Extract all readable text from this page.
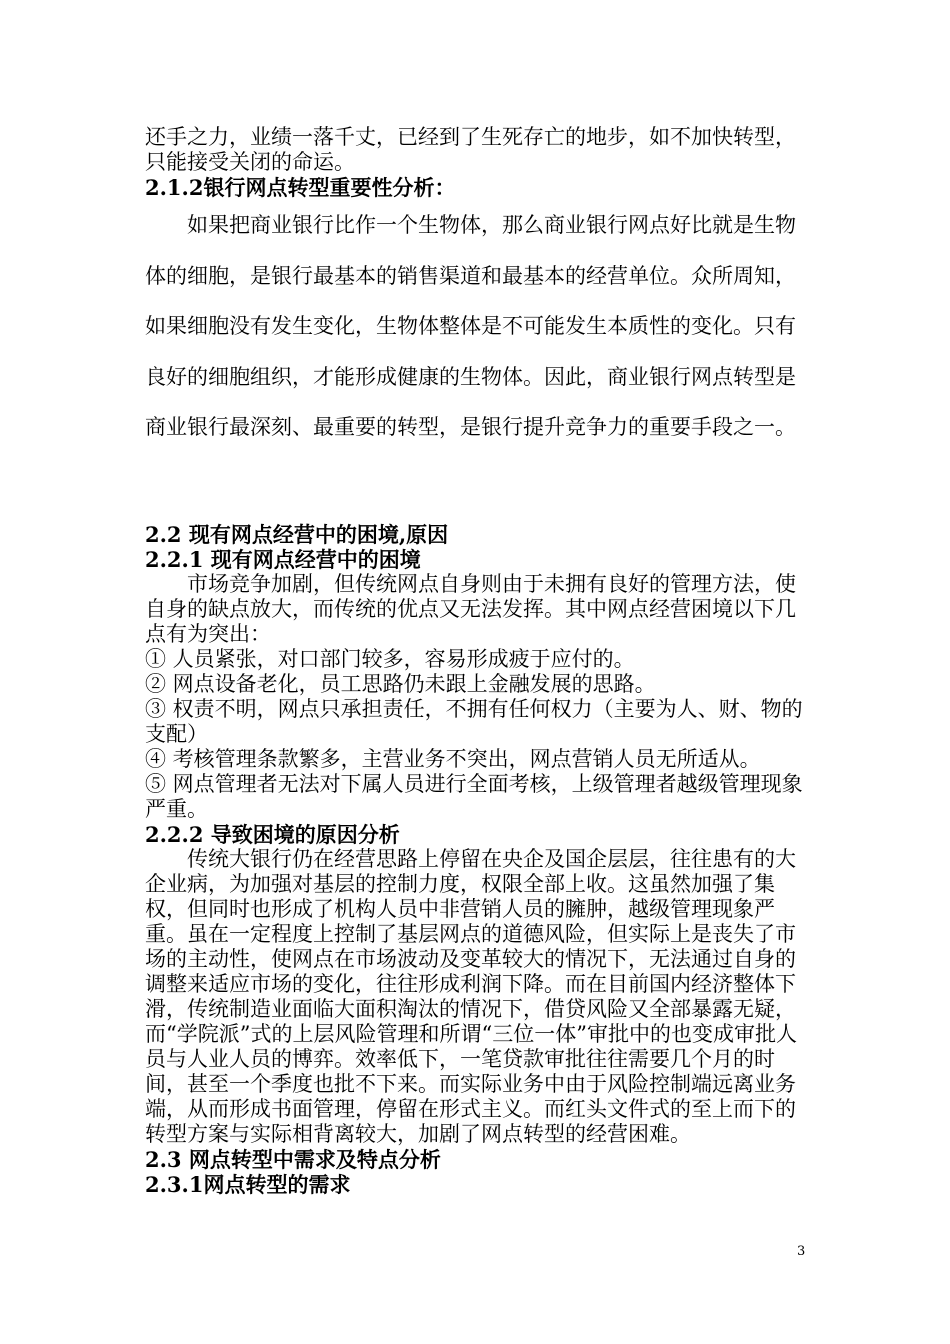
还手之力，业绩一落千丈，已经到了生死存亡的地步，如不加快转型，只能接受关闭的命运。

2.1.2银行网点转型重要性分析：

如果把商业银行比作一个生物体，那么商业银行网点好比就是生物体的细胞，是银行最基本的销售渠道和最基本的经营单位。众所周知，如果细胞没有发生变化，生物体整体是不可能发生本质性的变化。只有良好的细胞组织，才能形成健康的生物体。因此，商业银行网点转型是商业银行最深刻、最重要的转型，是银行提升竞争力的重要手段之一。

2.2 现有网点经营中的困境,原因

2.2.1 现有网点经营中的困境

市场竞争加剧，但传统网点自身则由于未拥有良好的管理方法，使自身的缺点放大，而传统的优点又无法发挥。其中网点经营困境以下几点有为突出：

① 人员紧张，对口部门较多，容易形成疲于应付的。

② 网点设备老化，员工思路仍未跟上金融发展的思路。

③ 权责不明，网点只承担责任，不拥有任何权力（主要为人、财、物的支配）

④ 考核管理条款繁多，主营业务不突出，网点营销人员无所适从。

⑤ 网点管理者无法对下属人员进行全面考核，上级管理者越级管理现象严重。

2.2.2 导致困境的原因分析

传统大银行仍在经营思路上停留在央企及国企层层，往往患有的大企业病，为加强对基层的控制力度，权限全部上收。这虽然加强了集权，但同时也形成了机构人员中非营销人员的臃肿，越级管理现象严重。虽在一定程度上控制了基层网点的道德风险，但实际上是丧失了市场的主动性，使网点在市场波动及变革较大的情况下，无法通过自身的调整来适应市场的变化，往往形成利润下降。而在目前国内经济整体下滑，传统制造业面临大面积淘汰的情况下，借贷风险又全部暴露无疑，而“学院派”式的上层风险管理和所谓“三位一体”审批中的也变成审批人员与人业人员的博弈。效率低下，一笔贷款审批往往需要几个月的时间，甚至一个季度也批不下来。而实际业务中由于风险控制端远离业务端，从而形成书面管理，停留在形式主义。而红头文件式的至上而下的转型方案与实际相背离较大，加剧了网点转型的经营困难。

2.3 网点转型中需求及特点分析

2.3.1网点转型的需求

3
